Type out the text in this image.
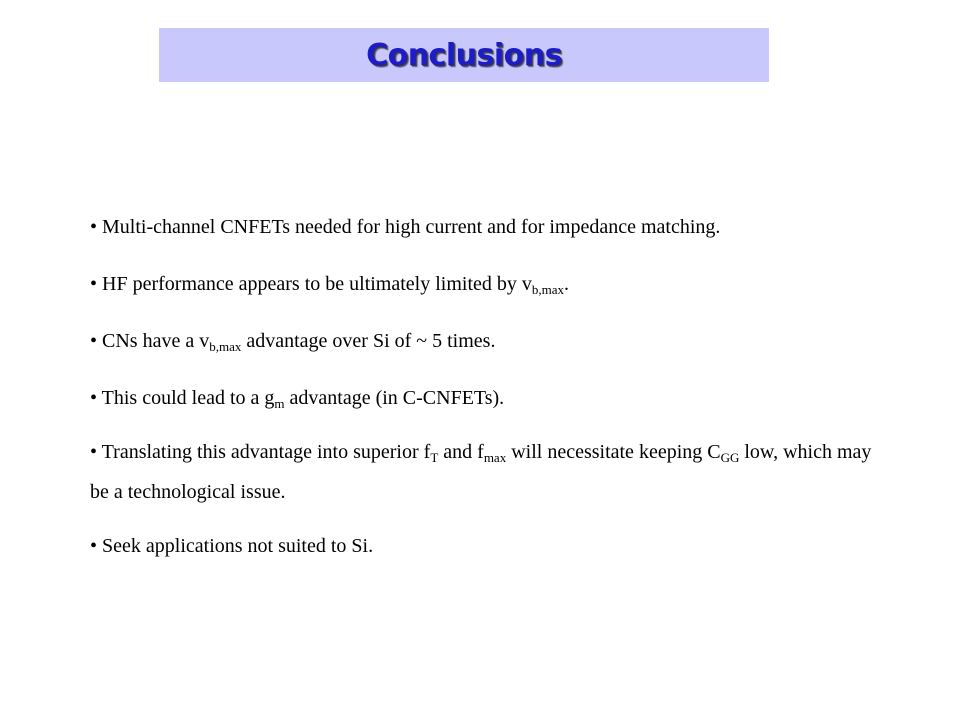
Conclusions
• Multi-channel CNFETs needed for high current and for impedance matching.
• HF performance appears to be ultimately limited by $v_{b,max}$.
• CNs have a $v_{b,max}$ advantage over Si of ~ 5 times.
• This could lead to a $g_m$ advantage (in C-CNFETs).
• Translating this advantage into superior $f_T$ and $f_{max}$ will necessitate keeping $C_{GG}$ low, which may be a technological issue.
• Seek applications not suited to Si.
